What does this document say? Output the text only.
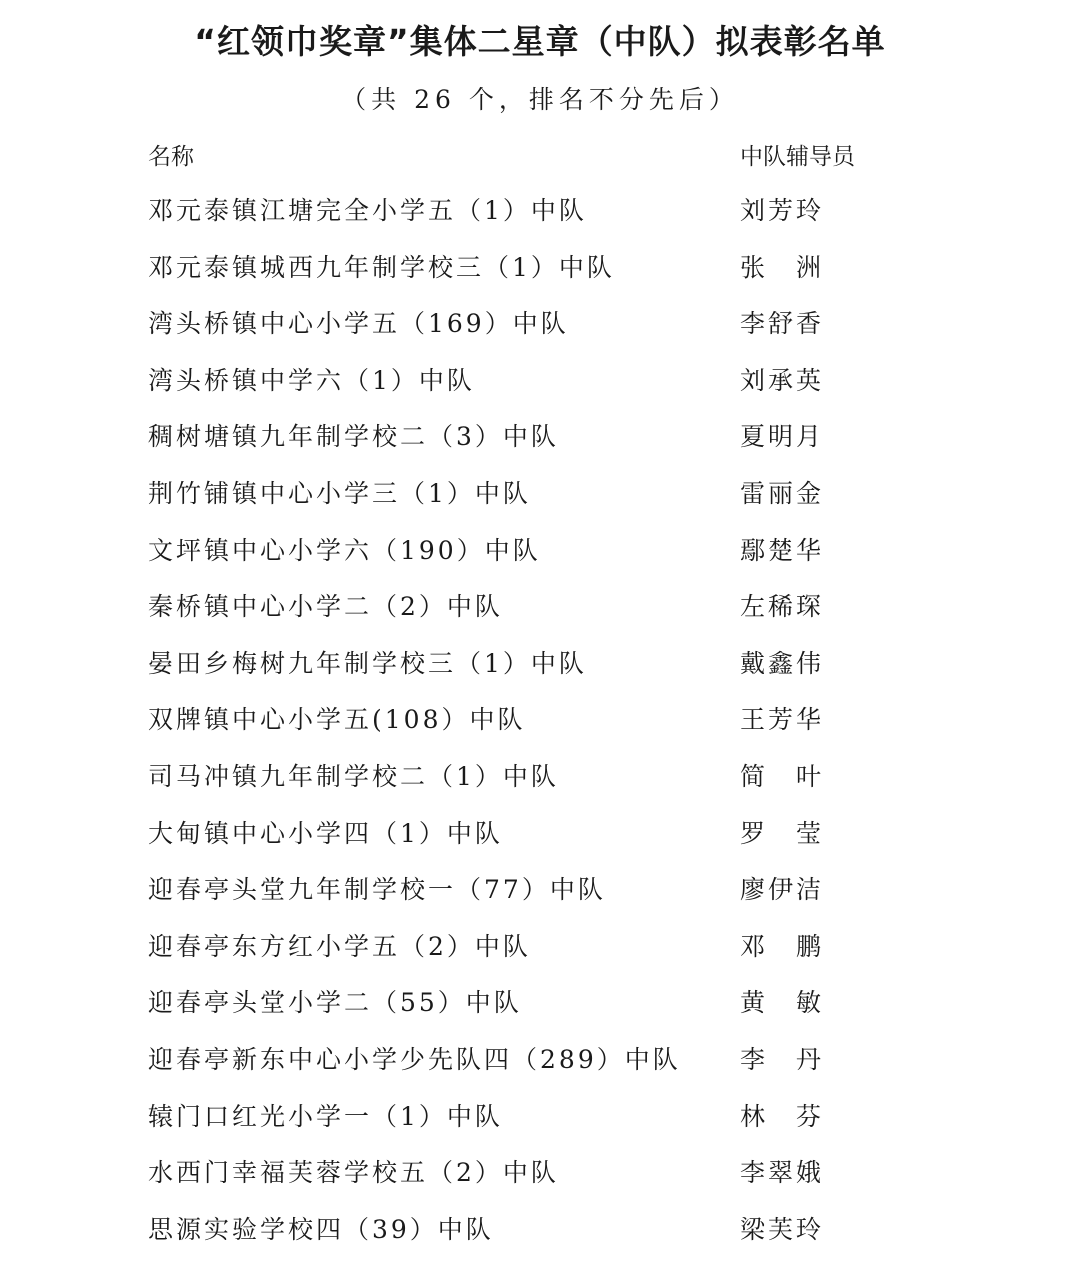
“红领巾奖章”集体二星章（中队）拟表彰名单

（共 26 个，排名不分先后）

名称	中队辅导员
邓元泰镇江塘完全小学五（1）中队	刘芳玲
邓元泰镇城西九年制学校三（1）中队	张　洲
湾头桥镇中心小学五（169）中队	李舒香
湾头桥镇中学六（1）中队	刘承英
稠树塘镇九年制学校二（3）中队	夏明月
荆竹铺镇中心小学三（1）中队	雷丽金
文坪镇中心小学六（190）中队	鄢楚华
秦桥镇中心小学二（2）中队	左稀琛
晏田乡梅树九年制学校三（1）中队	戴鑫伟
双牌镇中心小学五(108）中队	王芳华
司马冲镇九年制学校二（1）中队	简　叶
大甸镇中心小学四（1）中队	罗　莹
迎春亭头堂九年制学校一（77）中队	廖伊洁
迎春亭东方红小学五（2）中队	邓　鹏
迎春亭头堂小学二（55）中队	黄　敏
迎春亭新东中心小学少先队四（289）中队 李　丹
辕门口红光小学一（1）中队	林　芬
水西门幸福芙蓉学校五（2）中队	李翠娥
思源实验学校四（39）中队	梁芙玲
